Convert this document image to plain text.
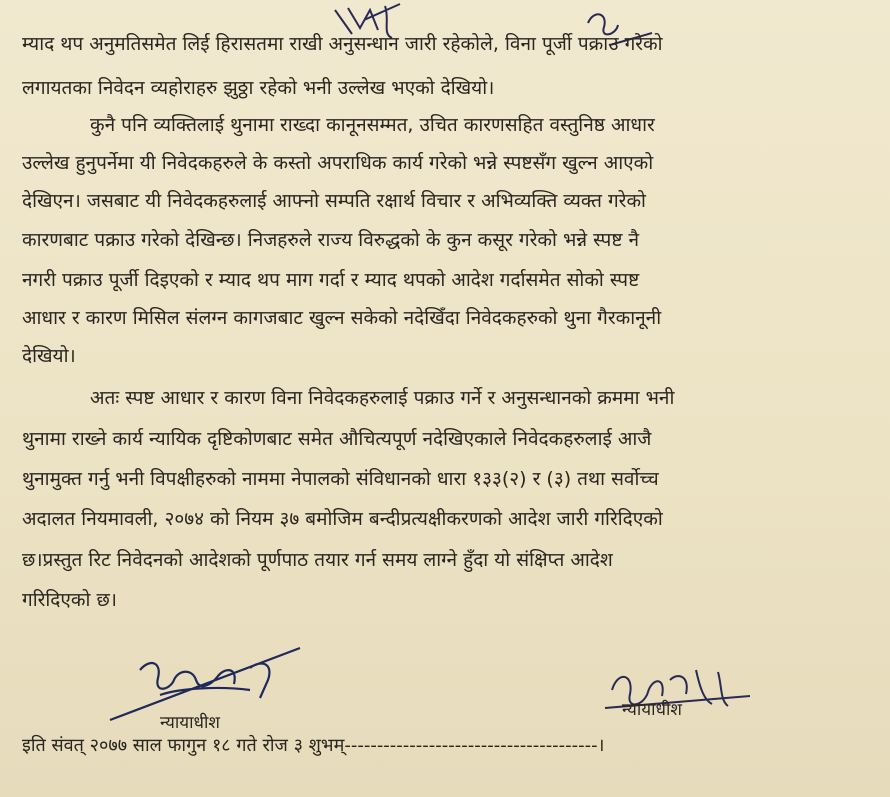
म्याद थप अनुमतिसमेत लिई हिरासतमा राखी अनुसन्धान जारी रहेकोले, विना पूर्जी पक्राउ गरेको
लगायतका निवेदन व्यहोराहरु झुठ्ठा रहेको भनी उल्लेख भएको देखियो।
कुनै पनि व्यक्तिलाई थुनामा राख्दा कानूनसम्मत, उचित कारणसहित वस्तुनिष्ठ आधार
उल्लेख हुनुपर्नेमा यी निवेदकहरुले के कस्तो अपराधिक कार्य गरेको भन्ने स्पष्टसँग खुल्न आएको
देखिएन। जसबाट यी निवेदकहरुलाई आफ्नो सम्पति रक्षार्थ विचार र अभिव्यक्ति व्यक्त गरेको
कारणबाट पक्राउ गरेको देखिन्छ। निजहरुले राज्य विरुद्धको के कुन कसूर गरेको भन्ने स्पष्ट नै
नगरी पक्राउ पूर्जी दिइएको र म्याद थप माग गर्दा र म्याद थपको आदेश गर्दासमेत सोको स्पष्ट
आधार र कारण मिसिल संलग्न कागजबाट खुल्न सकेको नदेखिँदा निवेदकहरुको थुना गैरकानूनी
देखियो।
अतः स्पष्ट आधार र कारण विना निवेदकहरुलाई पक्राउ गर्ने र अनुसन्धानको क्रममा भनी
थुनामा राख्ने कार्य न्यायिक दृष्टिकोणबाट समेत औचित्यपूर्ण नदेखिएकाले निवेदकहरुलाई आजै
थुनामुक्त गर्नु भनी विपक्षीहरुको नाममा नेपालको संविधानको धारा १३३(२) र (३) तथा सर्वोच्च
अदालत नियमावली, २०७४ को नियम ३७ बमोजिम बन्दीप्रत्यक्षीकरणको आदेश जारी गरिदिएको
छ।प्रस्तुत रिट निवेदनको आदेशको पूर्णपाठ तयार गर्न समय लाग्ने हुँदा यो संक्षिप्त आदेश
गरिदिएको छ।
न्यायाधीश
न्यायाधीश
इति संवत् २०७७ साल फागुन १८ गते रोज ३ शुभम्---------------------------------------।
